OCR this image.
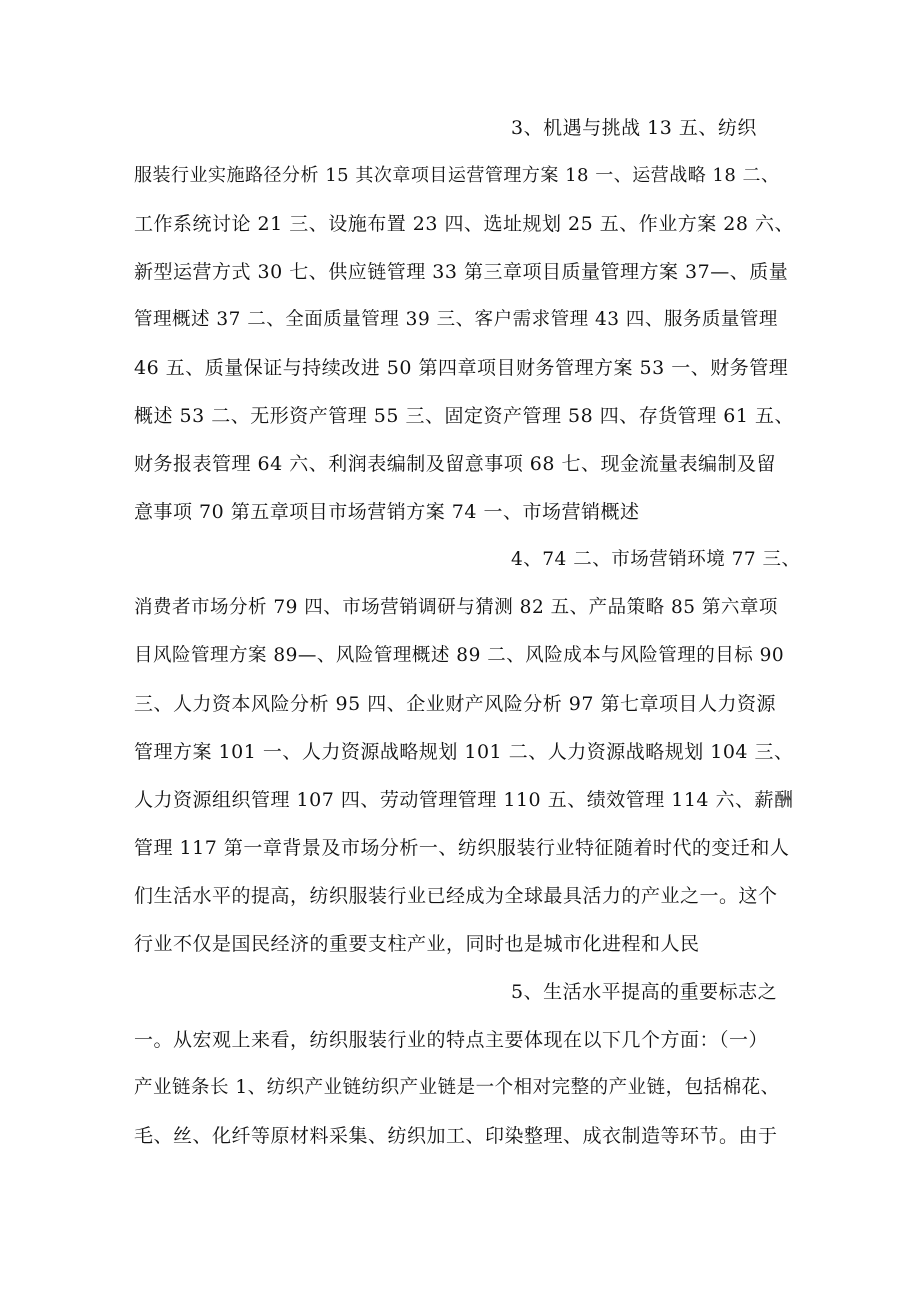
3、机遇与挑战 13 五、纺织
服装行业实施路径分析 15 其次章项目运营管理方案 18 一、运营战略 18 二、
工作系统讨论 21 三、设施布置 23 四、选址规划 25 五、作业方案 28 六、
新型运营方式 30 七、供应链管理 33 第三章项目质量管理方案 37—、质量
管理概述 37 二、全面质量管理 39 三、客户需求管理 43 四、服务质量管理
46 五、质量保证与持续改进 50 第四章项目财务管理方案 53 一、财务管理
概述 53 二、无形资产管理 55 三、固定资产管理 58 四、存货管理 61 五、
财务报表管理 64 六、利润表编制及留意事项 68 七、现金流量表编制及留
意事项 70 第五章项目市场营销方案 74 一、市场营销概述
4、74 二、市场营销环境 77 三、
消费者市场分析 79 四、市场营销调研与猜测 82 五、产品策略 85 第六章项
目风险管理方案 89—、风险管理概述 89 二、风险成本与风险管理的目标 90
三、人力资本风险分析 95 四、企业财产风险分析 97 第七章项目人力资源
管理方案 101 一、人力资源战略规划 101 二、人力资源战略规划 104 三、
人力资源组织管理 107 四、劳动管理管理 110 五、绩效管理 114 六、薪酬
管理 117 第一章背景及市场分析一、纺织服装行业特征随着时代的变迁和人
们生活水平的提高，纺织服装行业已经成为全球最具活力的产业之一。这个
行业不仅是国民经济的重要支柱产业，同时也是城市化进程和人民
5、生活水平提高的重要标志之
一。从宏观上来看，纺织服装行业的特点主要体现在以下几个方面：（一）
产业链条长 1、纺织产业链纺织产业链是一个相对完整的产业链，包括棉花、
毛、丝、化纤等原材料采集、纺织加工、印染整理、成衣制造等环节。由于
